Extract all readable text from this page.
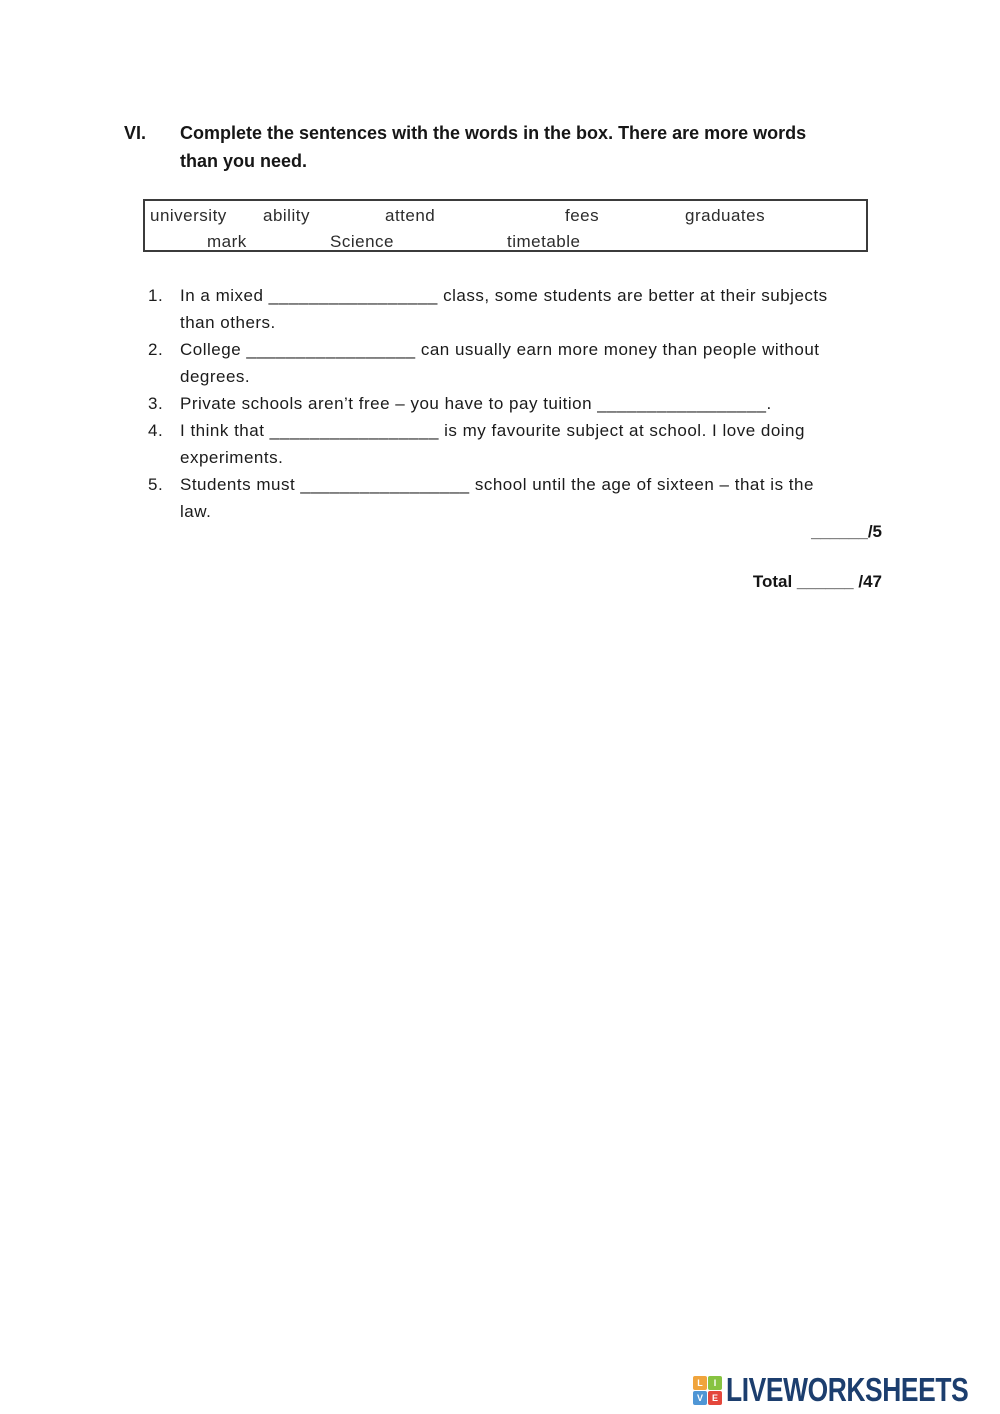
VI.	Complete the sentences with the words in the box. There are more words
than you need.
university ability	attend	fees	graduates
mark	Science	timetable
1. In a mixed _________________ class, some students are better at their subjects
than others.
2. College _________________ can usually earn more money than people without
degrees.
3. Private schools aren’t free – you have to pay tuition _________________.
4. I think that _________________ is my favourite subject at school. I love doing
experiments.
5. Students must _________________ school until the age of sixteen – that is the
law.
______/5
Total ______ /47
L	I
V E LIVEWORKSHEETS
